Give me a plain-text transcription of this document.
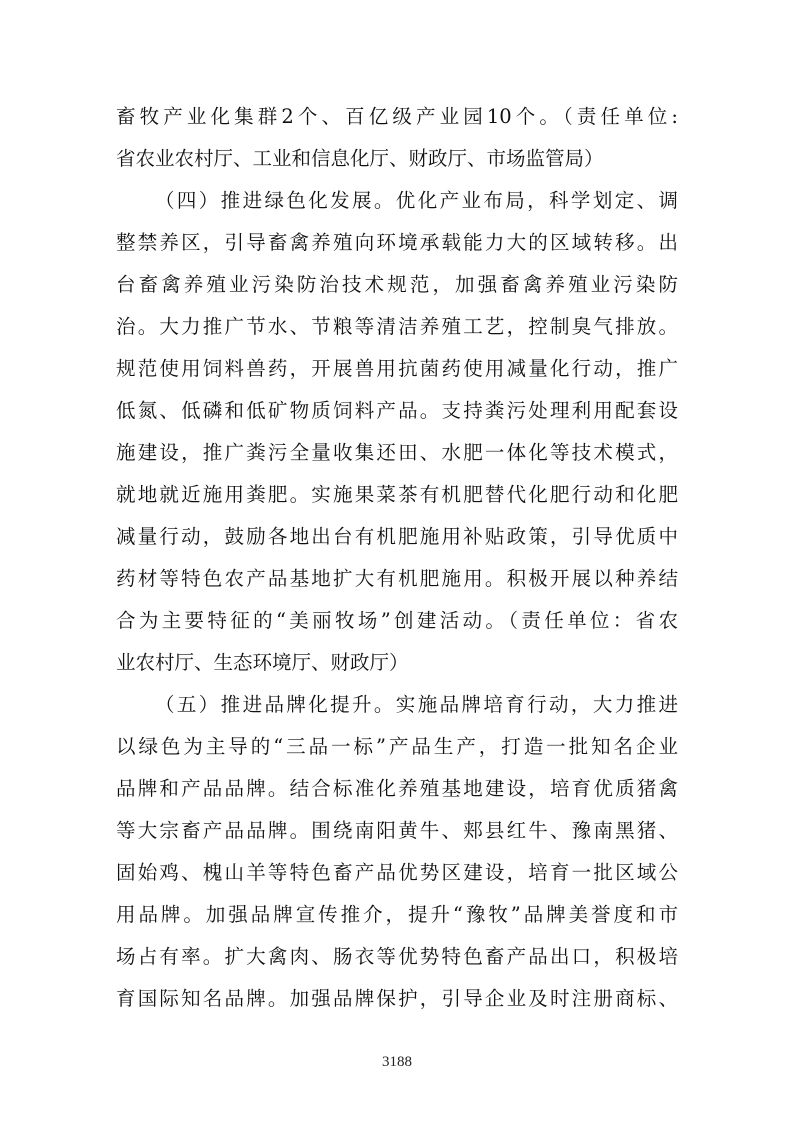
畜牧产业化集群2个、百亿级产业园10个。（责任单位:
省农业农村厅、工业和信息化厅、财政厅、市场监管局）
（四）推进绿色化发展。优化产业布局，科学划定、调
整禁养区，引导畜禽养殖向环境承载能力大的区域转移。出
台畜禽养殖业污染防治技术规范，加强畜禽养殖业污染防
治。大力推广节水、节粮等清洁养殖工艺，控制臭气排放。
规范使用饲料兽药，开展兽用抗菌药使用减量化行动，推广
低氮、低磷和低矿物质饲料产品。支持粪污处理利用配套设
施建设，推广粪污全量收集还田、水肥一体化等技术模式，
就地就近施用粪肥。实施果菜茶有机肥替代化肥行动和化肥
减量行动，鼓励各地出台有机肥施用补贴政策，引导优质中
药材等特色农产品基地扩大有机肥施用。积极开展以种养结
合为主要特征的“美丽牧场”创建活动。（责任单位：省农
业农村厅、生态环境厅、财政厅）
（五）推进品牌化提升。实施品牌培育行动，大力推进
以绿色为主导的“三品一标”产品生产，打造一批知名企业
品牌和产品品牌。结合标准化养殖基地建设，培育优质猪禽
等大宗畜产品品牌。围绕南阳黄牛、郏县红牛、豫南黑猪、
固始鸡、槐山羊等特色畜产品优势区建设，培育一批区域公
用品牌。加强品牌宣传推介，提升“豫牧”品牌美誉度和市
场占有率。扩大禽肉、肠衣等优势特色畜产品出口，积极培
育国际知名品牌。加强品牌保护，引导企业及时注册商标、
3188
